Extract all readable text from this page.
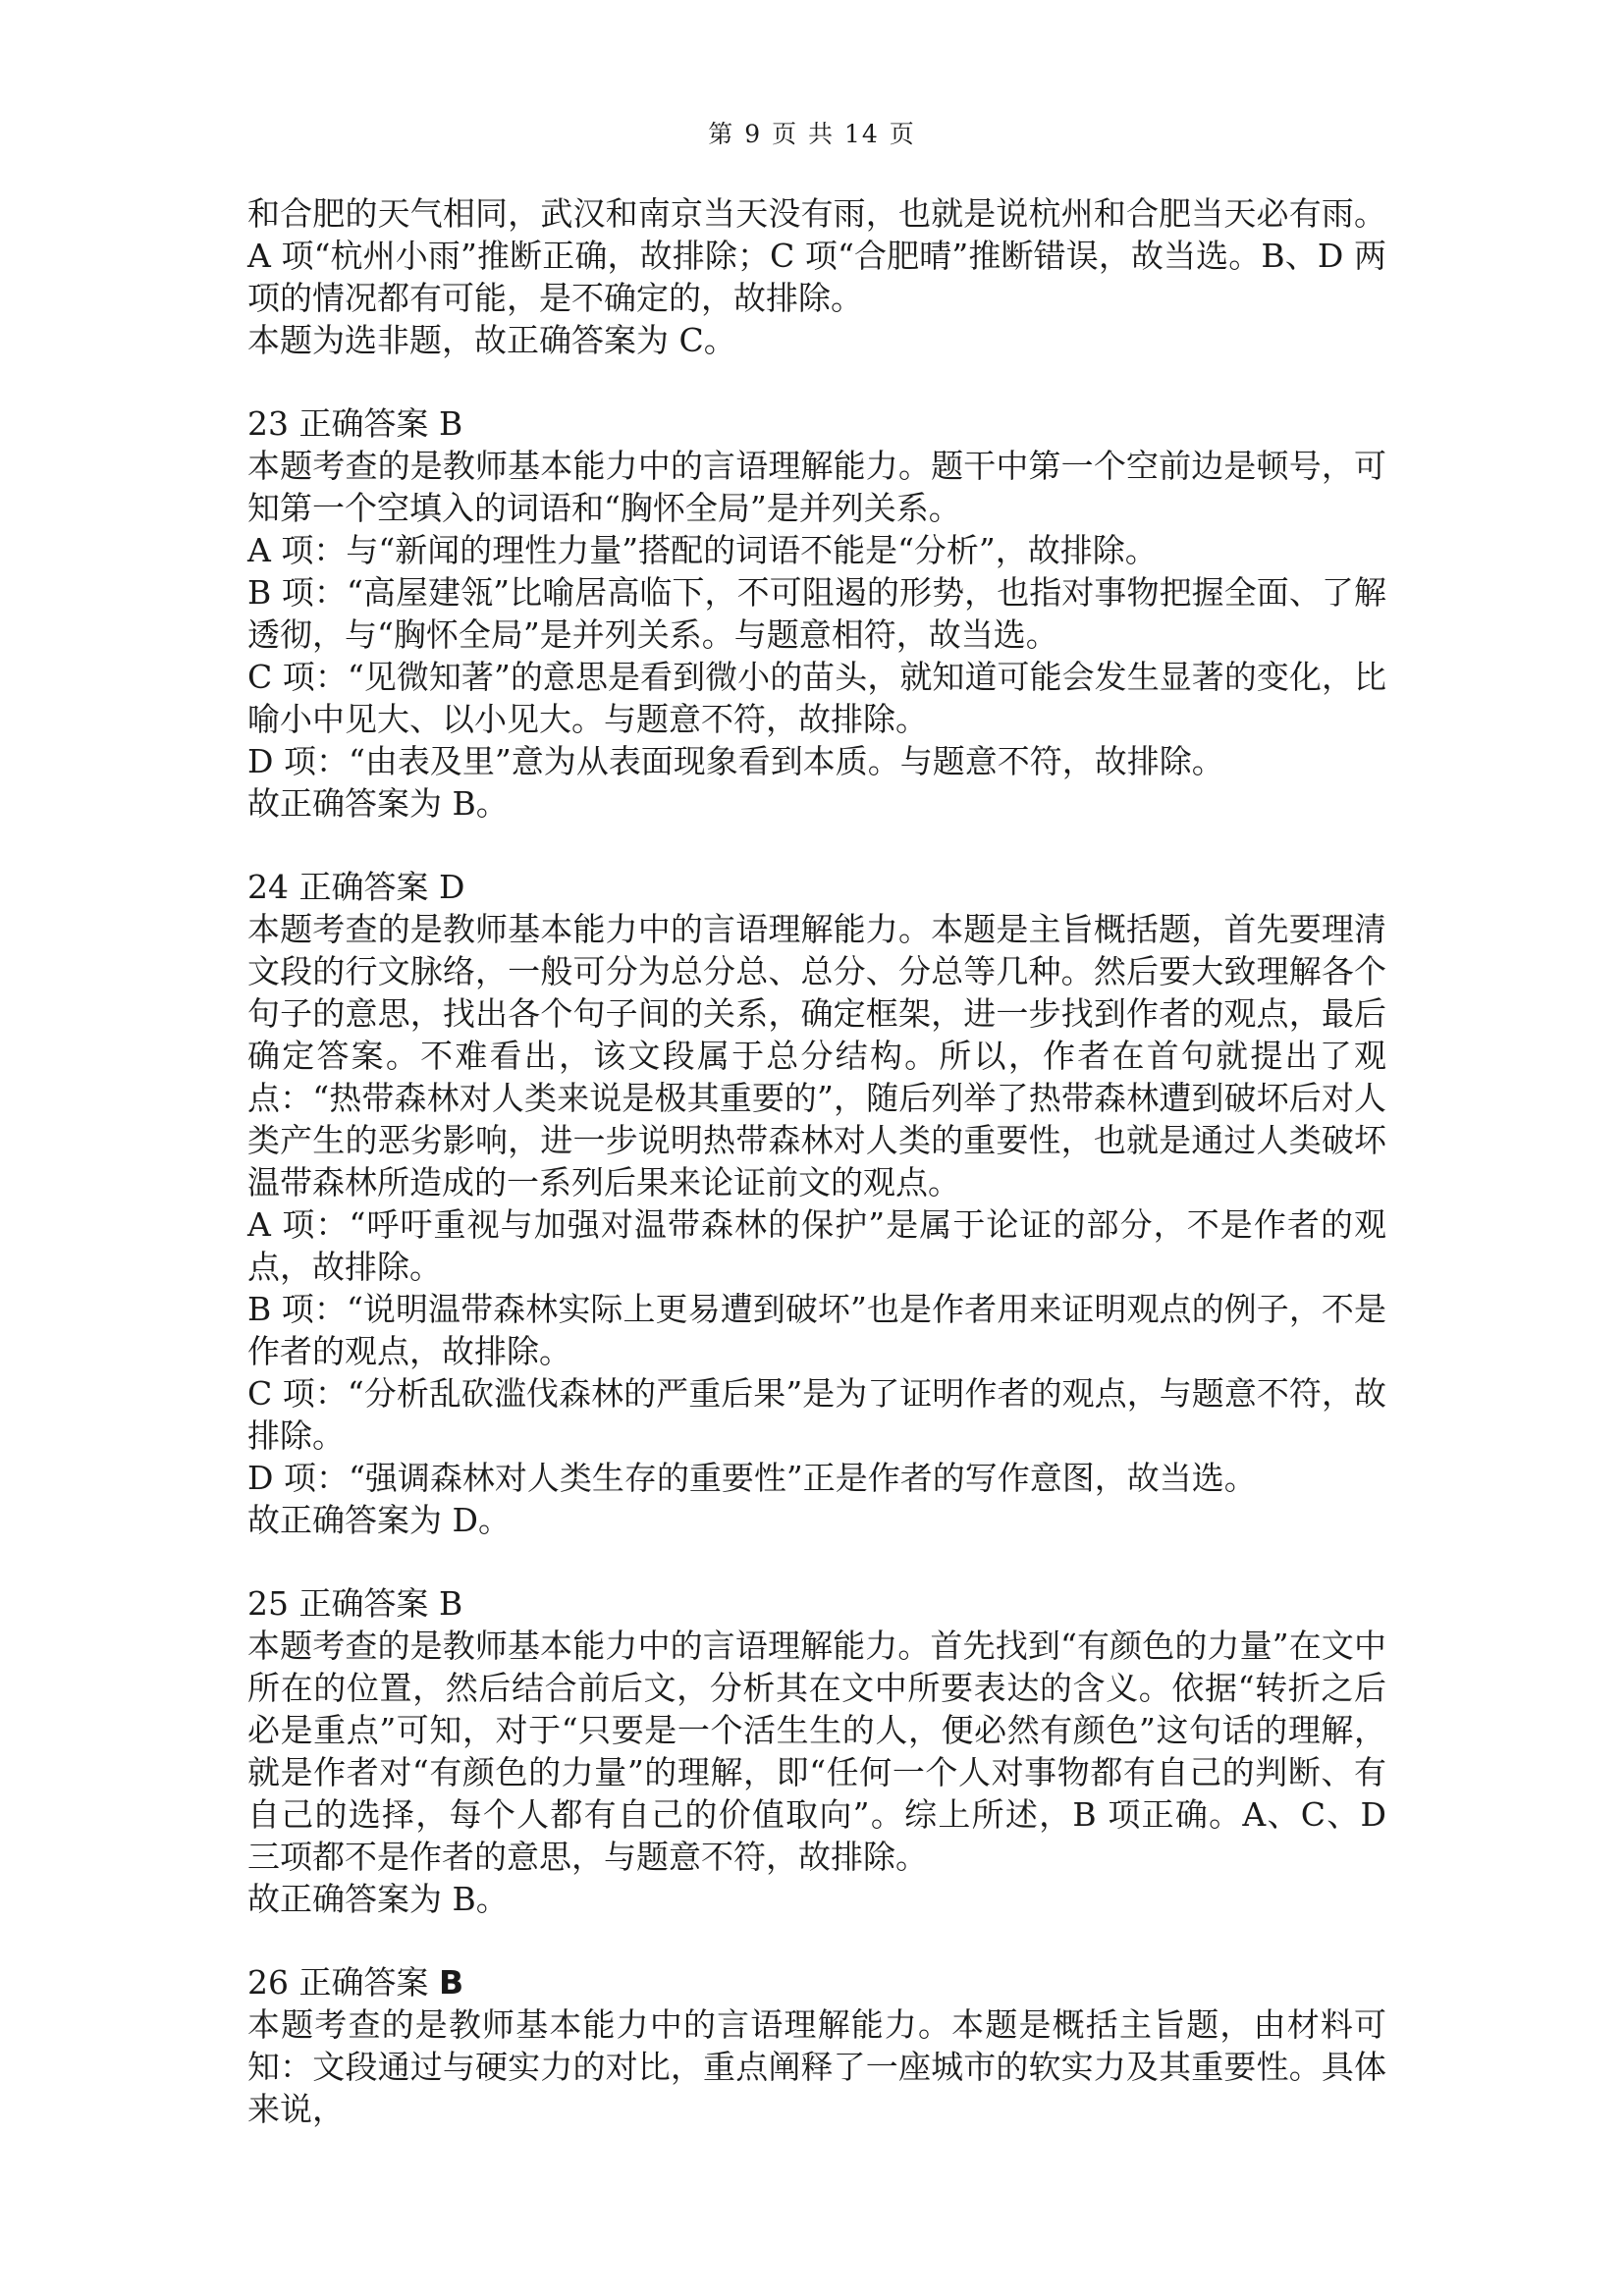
第 9 页 共 14 页

和合肥的天气相同，武汉和南京当天没有雨，也就是说杭州和合肥当天必有雨。A 项“杭州小雨”推断正确，故排除；C 项“合肥晴”推断错误，故当选。B、D 两项的情况都有可能，是不确定的，故排除。

本题为选非题，故正确答案为 C。

23 正确答案 B

本题考查的是教师基本能力中的言语理解能力。题干中第一个空前边是顿号，可知第一个空填入的词语和“胸怀全局”是并列关系。

A 项：与“新闻的理性力量”搭配的词语不能是“分析”，故排除。

B 项：“高屋建瓴”比喻居高临下，不可阻遏的形势，也指对事物把握全面、了解透彻，与“胸怀全局”是并列关系。与题意相符，故当选。

C 项：“见微知著”的意思是看到微小的苗头，就知道可能会发生显著的变化，比喻小中见大、以小见大。与题意不符，故排除。

D 项：“由表及里”意为从表面现象看到本质。与题意不符，故排除。

故正确答案为 B。

24 正确答案 D

本题考查的是教师基本能力中的言语理解能力。本题是主旨概括题，首先要理清文段的行文脉络，一般可分为总分总、总分、分总等几种。然后要大致理解各个句子的意思，找出各个句子间的关系，确定框架，进一步找到作者的观点，最后确定答案。不难看出，该文段属于总分结构。所以，作者在首句就提出了观点：“热带森林对人类来说是极其重要的”，随后列举了热带森林遭到破坏后对人类产生的恶劣影响，进一步说明热带森林对人类的重要性，也就是通过人类破坏温带森林所造成的一系列后果来论证前文的观点。

A 项：“呼吁重视与加强对温带森林的保护”是属于论证的部分，不是作者的观点，故排除。

B 项：“说明温带森林实际上更易遭到破坏”也是作者用来证明观点的例子，不是作者的观点，故排除。

C 项：“分析乱砍滥伐森林的严重后果”是为了证明作者的观点，与题意不符，故排除。

D 项：“强调森林对人类生存的重要性”正是作者的写作意图，故当选。

故正确答案为 D。

25 正确答案 B

本题考查的是教师基本能力中的言语理解能力。首先找到“有颜色的力量”在文中所在的位置，然后结合前后文，分析其在文中所要表达的含义。依据“转折之后必是重点”可知，对于“只要是一个活生生的人，便必然有颜色”这句话的理解，就是作者对“有颜色的力量”的理解，即“任何一个人对事物都有自己的判断、有自己的选择，每个人都有自己的价值取向”。综上所述，B 项正确。A、C、D 三项都不是作者的意思，与题意不符，故排除。

故正确答案为 B。

26 正确答案 B

本题考查的是教师基本能力中的言语理解能力。本题是概括主旨题，由材料可知：文段通过与硬实力的对比，重点阐释了一座城市的软实力及其重要性。具体来说，
